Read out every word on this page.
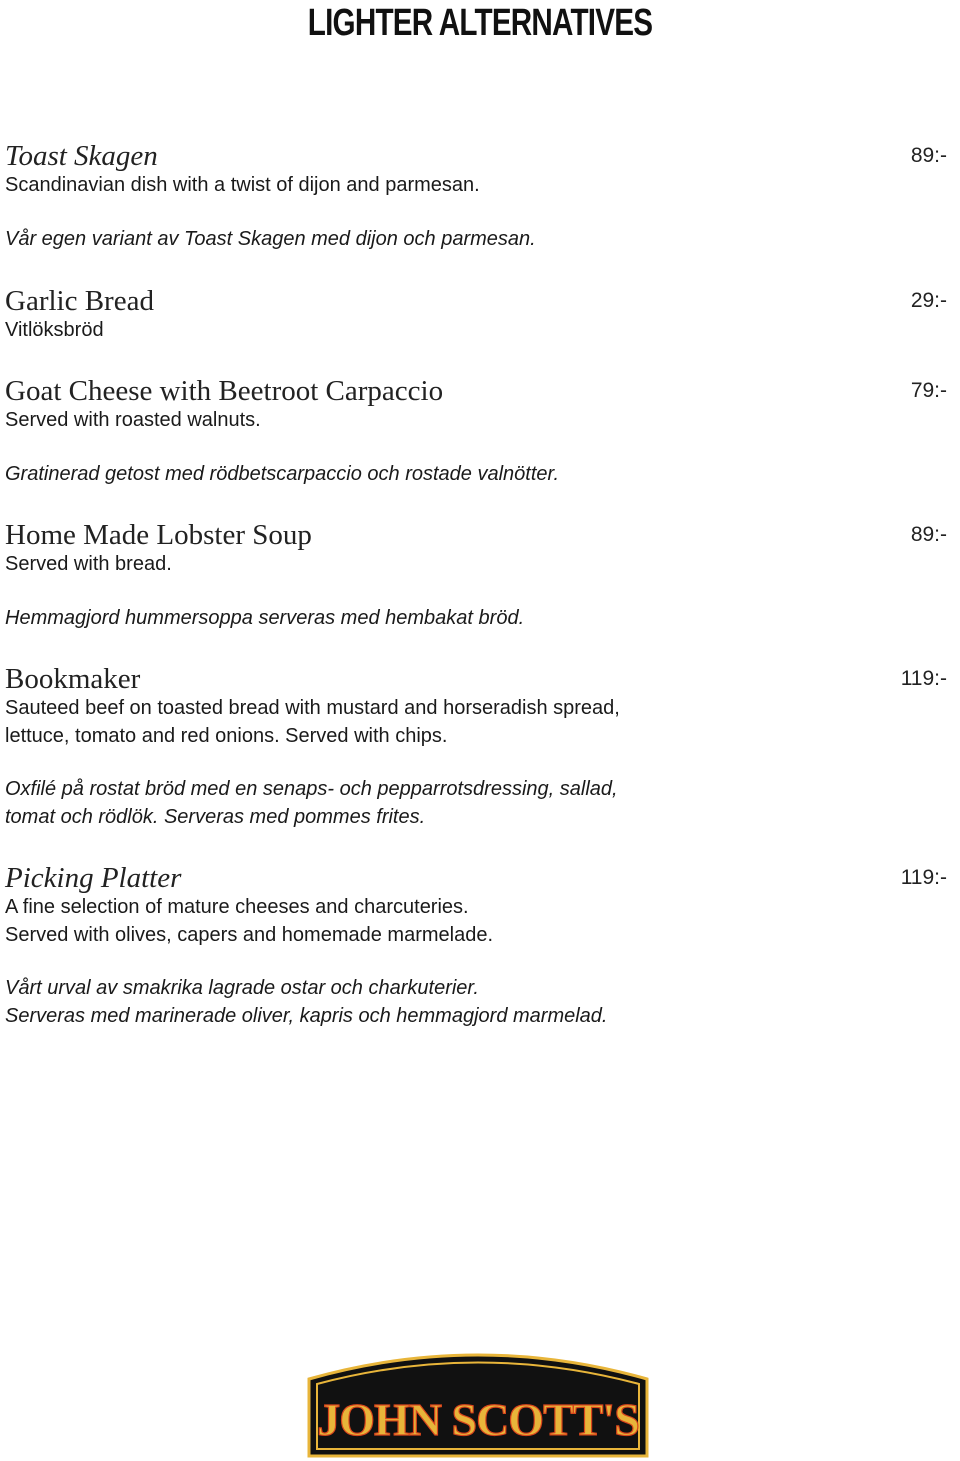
LIGHTER ALTERNATIVES
Toast Skagen	89:-
Scandinavian dish with a twist of dijon and parmesan.
Vår egen variant av Toast Skagen med dijon och parmesan.
Garlic Bread	29:-
Vitlöksbröd
Goat Cheese with Beetroot Carpaccio	79:-
Served with roasted walnuts.
Gratinerad getost med rödbetscarpaccio och rostade valnötter.
Home Made Lobster Soup	89:-
Served with bread.
Hemmagjord hummersoppa serveras med hembakat bröd.
Bookmaker	119:-
Sauteed beef on toasted bread with mustard and horseradish spread,
lettuce, tomato and red onions. Served with chips.
Oxfilé på rostat bröd med en senaps- och pepparrotsdressing, sallad,
tomat och rödlök. Serveras med pommes frites.
Picking Platter	119:-
A fine selection of mature cheeses and charcuteries.
Served with olives, capers and homemade marmelade.
Vårt urval av smakrika lagrade ostar och charkuterier.
Serveras med marinerade oliver, kapris och hemmagjord marmelad.
JOHN SCOTT'S
